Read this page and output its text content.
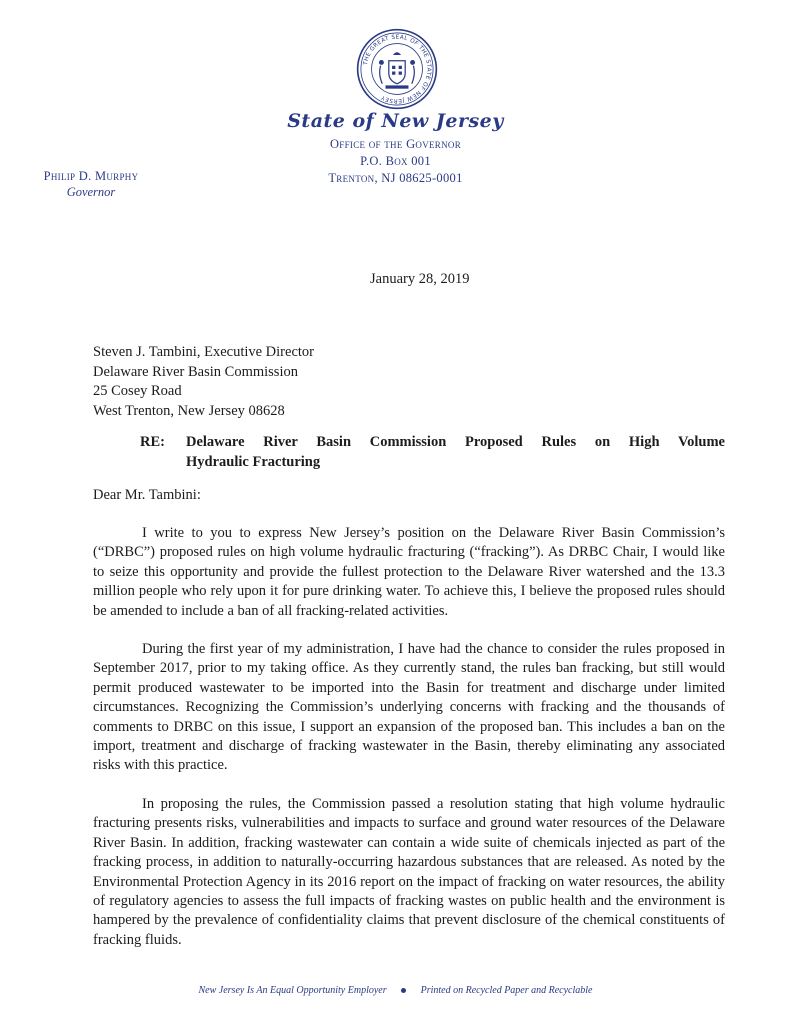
THE GREAT SEAL OF THE STATE OF NEW JERSEY
State of New Jersey
Office of the Governor
P.O. Box 001
Trenton, NJ 08625-0001
Philip D. Murphy
Governor
January 28, 2019
Steven J. Tambini, Executive Director
Delaware River Basin Commission
25 Cosey Road
West Trenton, New Jersey 08628
RE:	Delaware River Basin Commission Proposed Rules on High Volume
Hydraulic Fracturing
Dear Mr. Tambini:

I write to you to express New Jersey’s position on the Delaware River Basin Commission’s (“DRBC”) proposed rules on high volume hydraulic fracturing (“fracking”). As DRBC Chair, I would like to seize this opportunity and provide the fullest protection to the Delaware River watershed and the 13.3 million people who rely upon it for pure drinking water. To achieve this, I believe the proposed rules should be amended to include a ban of all fracking-related activities.

During the first year of my administration, I have had the chance to consider the rules proposed in September 2017, prior to my taking office. As they currently stand, the rules ban fracking, but still would permit produced wastewater to be imported into the Basin for treatment and discharge under limited circumstances. Recognizing the Commission’s underlying concerns with fracking and the thousands of comments to DRBC on this issue, I support an expansion of the proposed ban. This includes a ban on the import, treatment and discharge of fracking wastewater in the Basin, thereby eliminating any associated risks with this practice.

In proposing the rules, the Commission passed a resolution stating that high volume hydraulic fracturing presents risks, vulnerabilities and impacts to surface and ground water resources of the Delaware River Basin. In addition, fracking wastewater can contain a wide suite of chemicals injected as part of the fracking process, in addition to naturally-occurring hazardous substances that are released. As noted by the Environmental Protection Agency in its 2016 report on the impact of fracking on water resources, the ability of regulatory agencies to assess the full impacts of fracking wastes on public health and the environment is hampered by the prevalence of confidentiality claims that prevent disclosure of the chemical constituents of fracking fluids.

New Jersey Is An Equal Opportunity Employer	Printed on Recycled Paper and Recyclable
